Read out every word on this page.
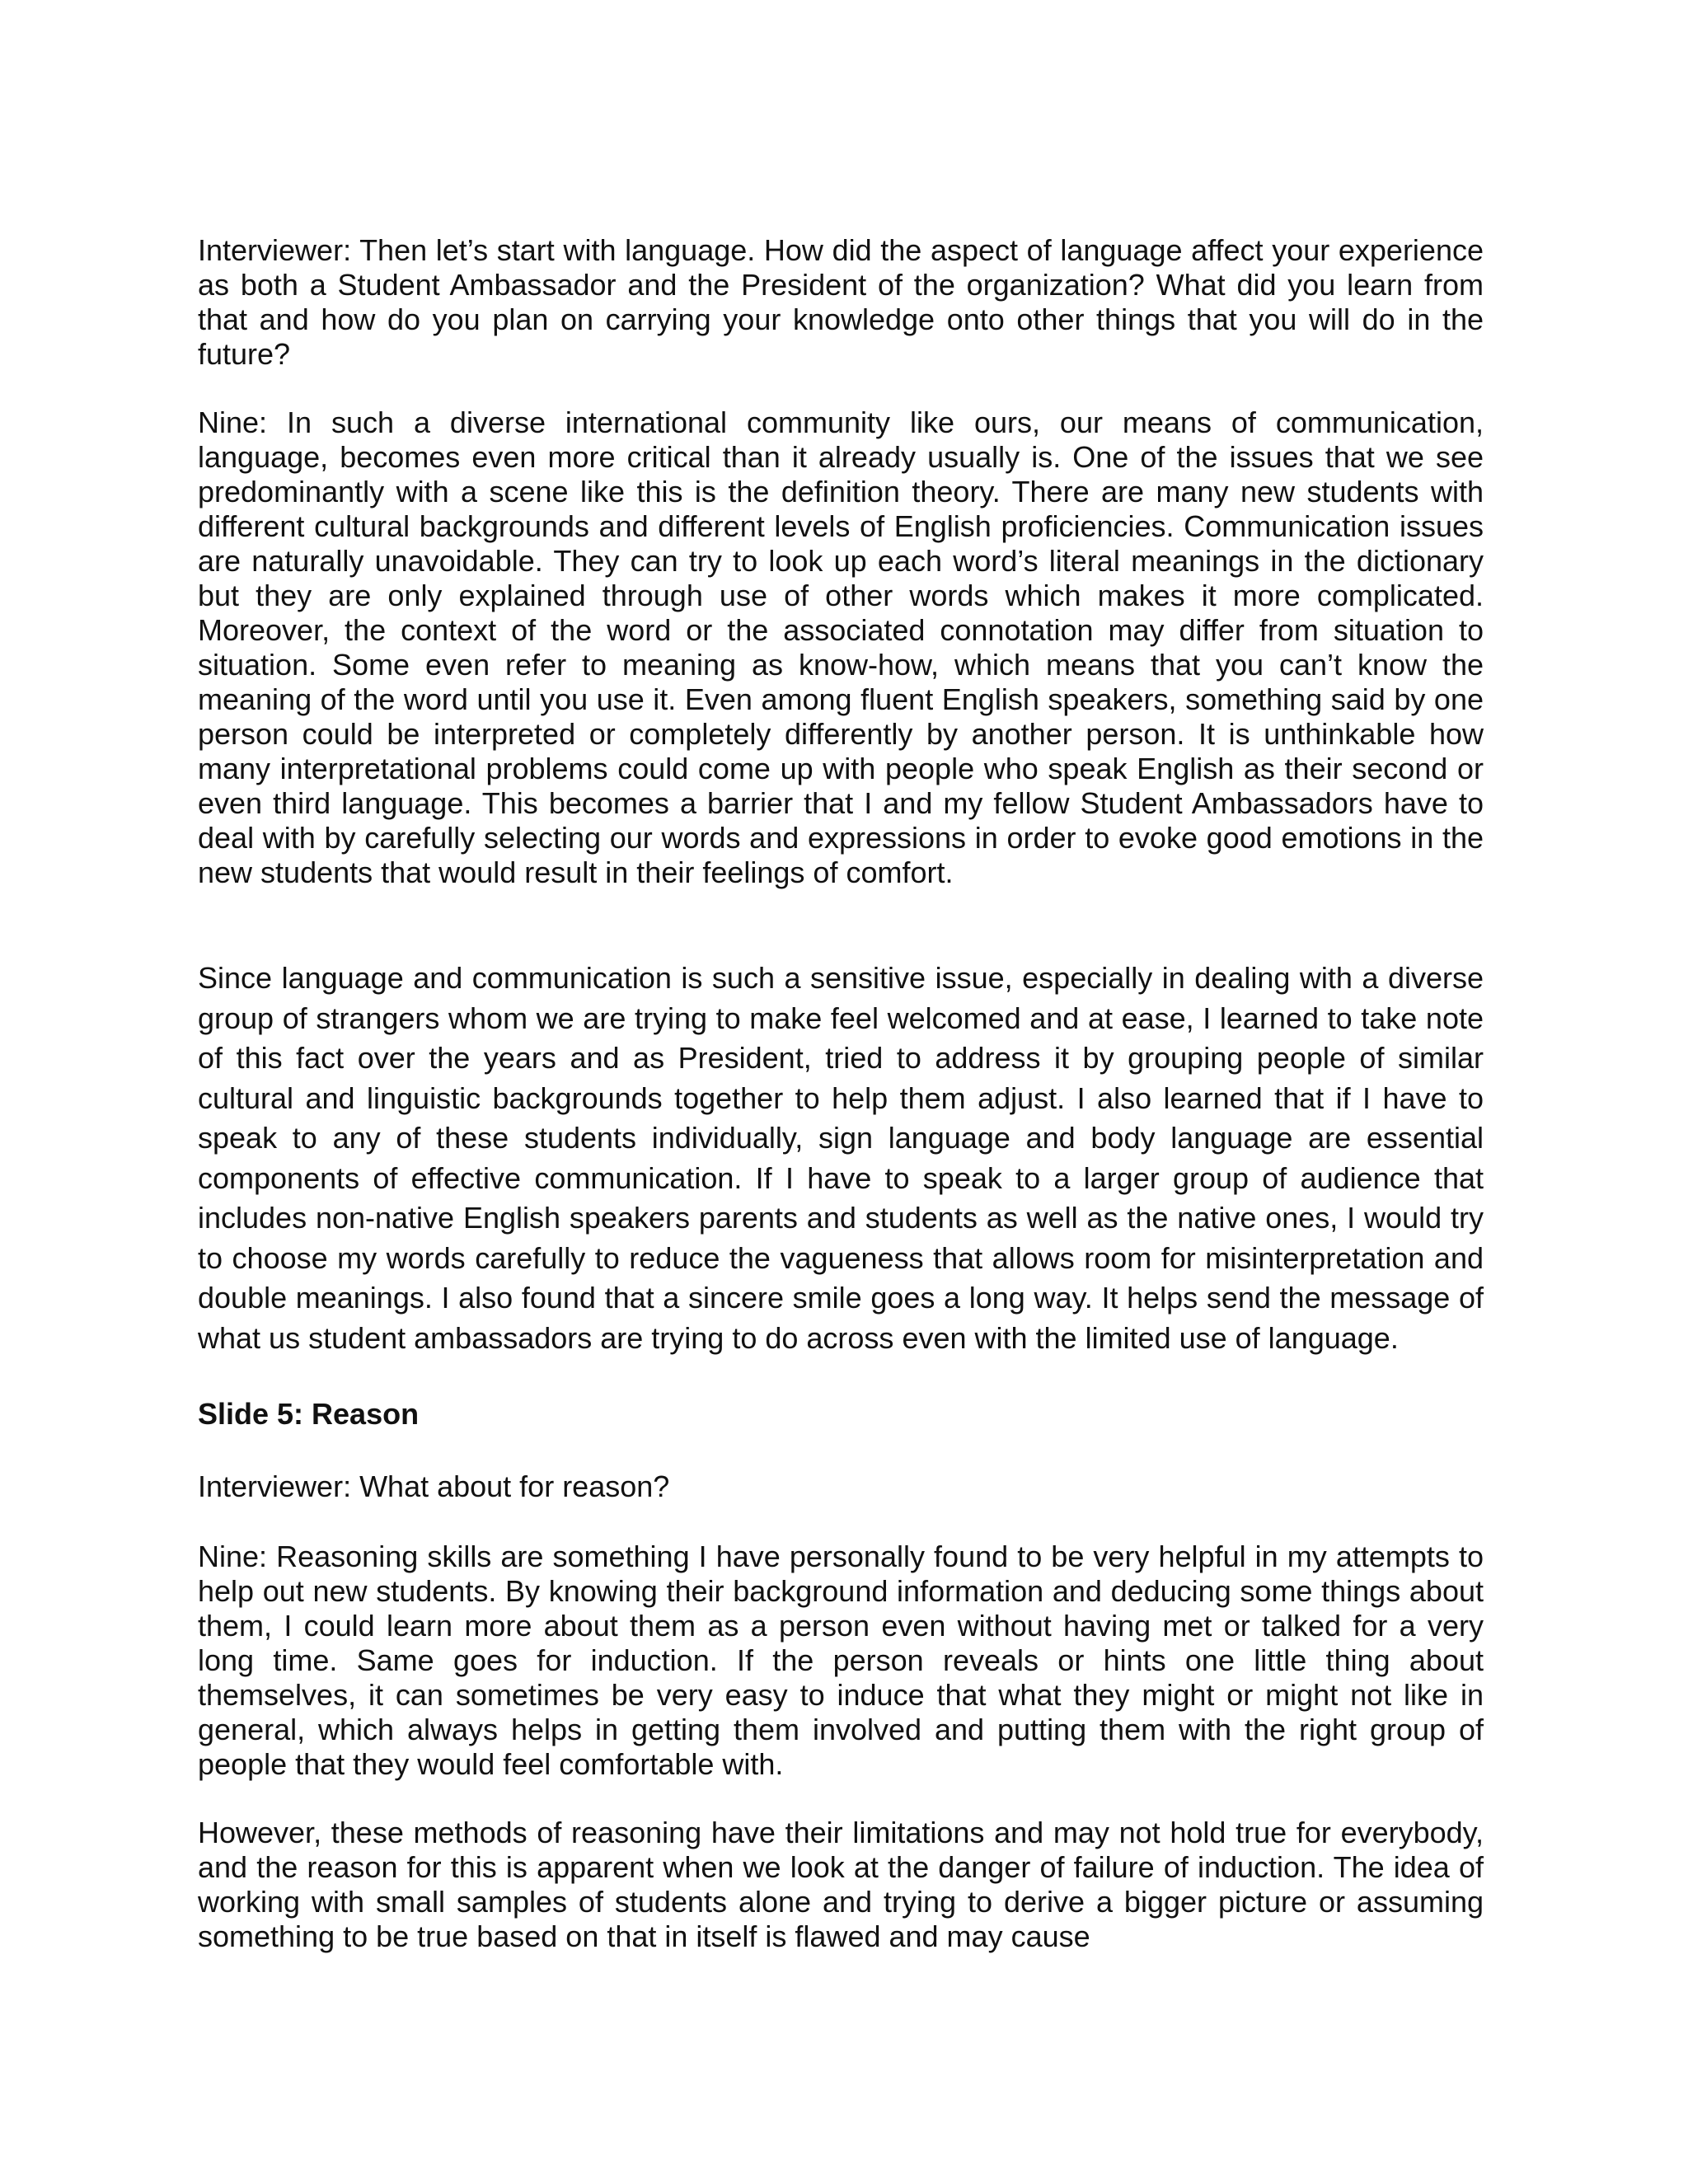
Interviewer: Then let’s start with language. How did the aspect of language affect your experience as both a Student Ambassador and the President of the organization? What did you learn from that and how do you plan on carrying your knowledge onto other things that you will do in the future?

Nine: In such a diverse international community like ours, our means of communication, language, becomes even more critical than it already usually is. One of the issues that we see predominantly with a scene like this is the definition theory. There are many new students with different cultural backgrounds and different levels of English proficiencies. Communication issues are naturally unavoidable. They can try to look up each word’s literal meanings in the dictionary but they are only explained through use of other words which makes it more complicated. Moreover, the context of the word or the associated connotation may differ from situation to situation. Some even refer to meaning as know-how, which means that you can’t know the meaning of the word until you use it. Even among fluent English speakers, something said by one person could be interpreted or completely differently by another person. It is unthinkable how many interpretational problems could come up with people who speak English as their second or even third language. This becomes a barrier that I and my fellow Student Ambassadors have to deal with by carefully selecting our words and expressions in order to evoke good emotions in the new students that would result in their feelings of comfort.

Since language and communication is such a sensitive issue, especially in dealing with a diverse group of strangers whom we are trying to make feel welcomed and at ease, I learned to take note of this fact over the years and as President, tried to address it by grouping people of similar cultural and linguistic backgrounds together to help them adjust. I also learned that if I have to speak to any of these students individually, sign language and body language are essential components of effective communication. If I have to speak to a larger group of audience that includes non-native English speakers parents and students as well as the native ones, I would try to choose my words carefully to reduce the vagueness that allows room for misinterpretation and double meanings. I also found that a sincere smile goes a long way. It helps send the message of what us student ambassadors are trying to do across even with the limited use of language.

Slide 5: Reason

Interviewer: What about for reason?

Nine: Reasoning skills are something I have personally found to be very helpful in my attempts to help out new students. By knowing their background information and deducing some things about them, I could learn more about them as a person even without having met or talked for a very long time. Same goes for induction. If the person reveals or hints one little thing about themselves, it can sometimes be very easy to induce that what they might or might not like in general, which always helps in getting them involved and putting them with the right group of people that they would feel comfortable with.

However, these methods of reasoning have their limitations and may not hold true for everybody, and the reason for this is apparent when we look at the danger of failure of induction. The idea of working with small samples of students alone and trying to derive a bigger picture or assuming something to be true based on that in itself is flawed and may cause
